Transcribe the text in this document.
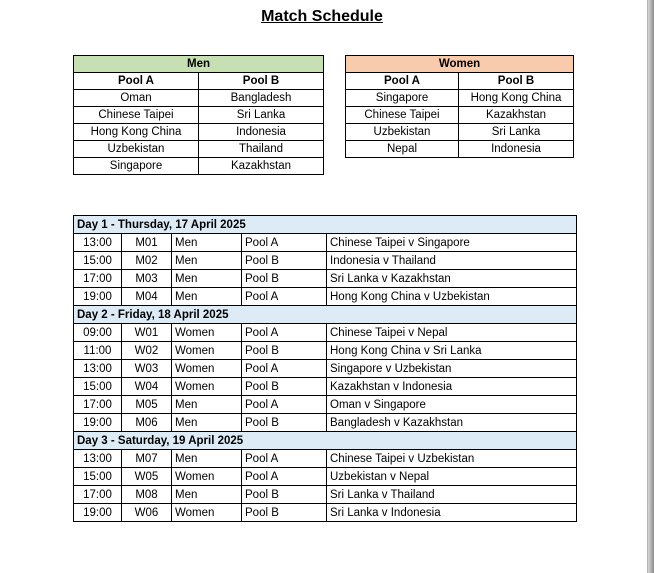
Match Schedule
Men	
Pool A	Pool B
Oman	Bangladesh
Chinese Taipei	Sri Lanka
Hong Kong China	Indonesia
Uzbekistan	Thailand
Singapore	Kazakhstan
Women	
Pool A	Pool B
Singapore	Hong Kong China
Chinese Taipei	Kazakhstan
Uzbekistan	Sri Lanka
Nepal	Indonesia
Day 1 - Thursday, 17 April 2025				
13:00	M01	Men	Pool A	Chinese Taipei v Singapore
15:00	M02	Men	Pool B	Indonesia v Thailand
17:00	M03	Men	Pool B	Sri Lanka v Kazakhstan
19:00	M04	Men	Pool A	Hong Kong China v Uzbekistan
Day 2 - Friday, 18 April 2025				
09:00	W01	Women	Pool A	Chinese Taipei v Nepal
11:00	W02	Women	Pool B	Hong Kong China v Sri Lanka
13:00	W03	Women	Pool A	Singapore v Uzbekistan
15:00	W04	Women	Pool B	Kazakhstan v Indonesia
17:00	M05	Men	Pool A	Oman v Singapore
19:00	M06	Men	Pool B	Bangladesh v Kazakhstan
Day 3 - Saturday, 19 April 2025				
13:00	M07	Men	Pool A	Chinese Taipei v Uzbekistan
15:00	W05	Women	Pool A	Uzbekistan v Nepal
17:00	M08	Men	Pool B	Sri Lanka v Thailand
19:00	W06	Women	Pool B	Sri Lanka v Indonesia
